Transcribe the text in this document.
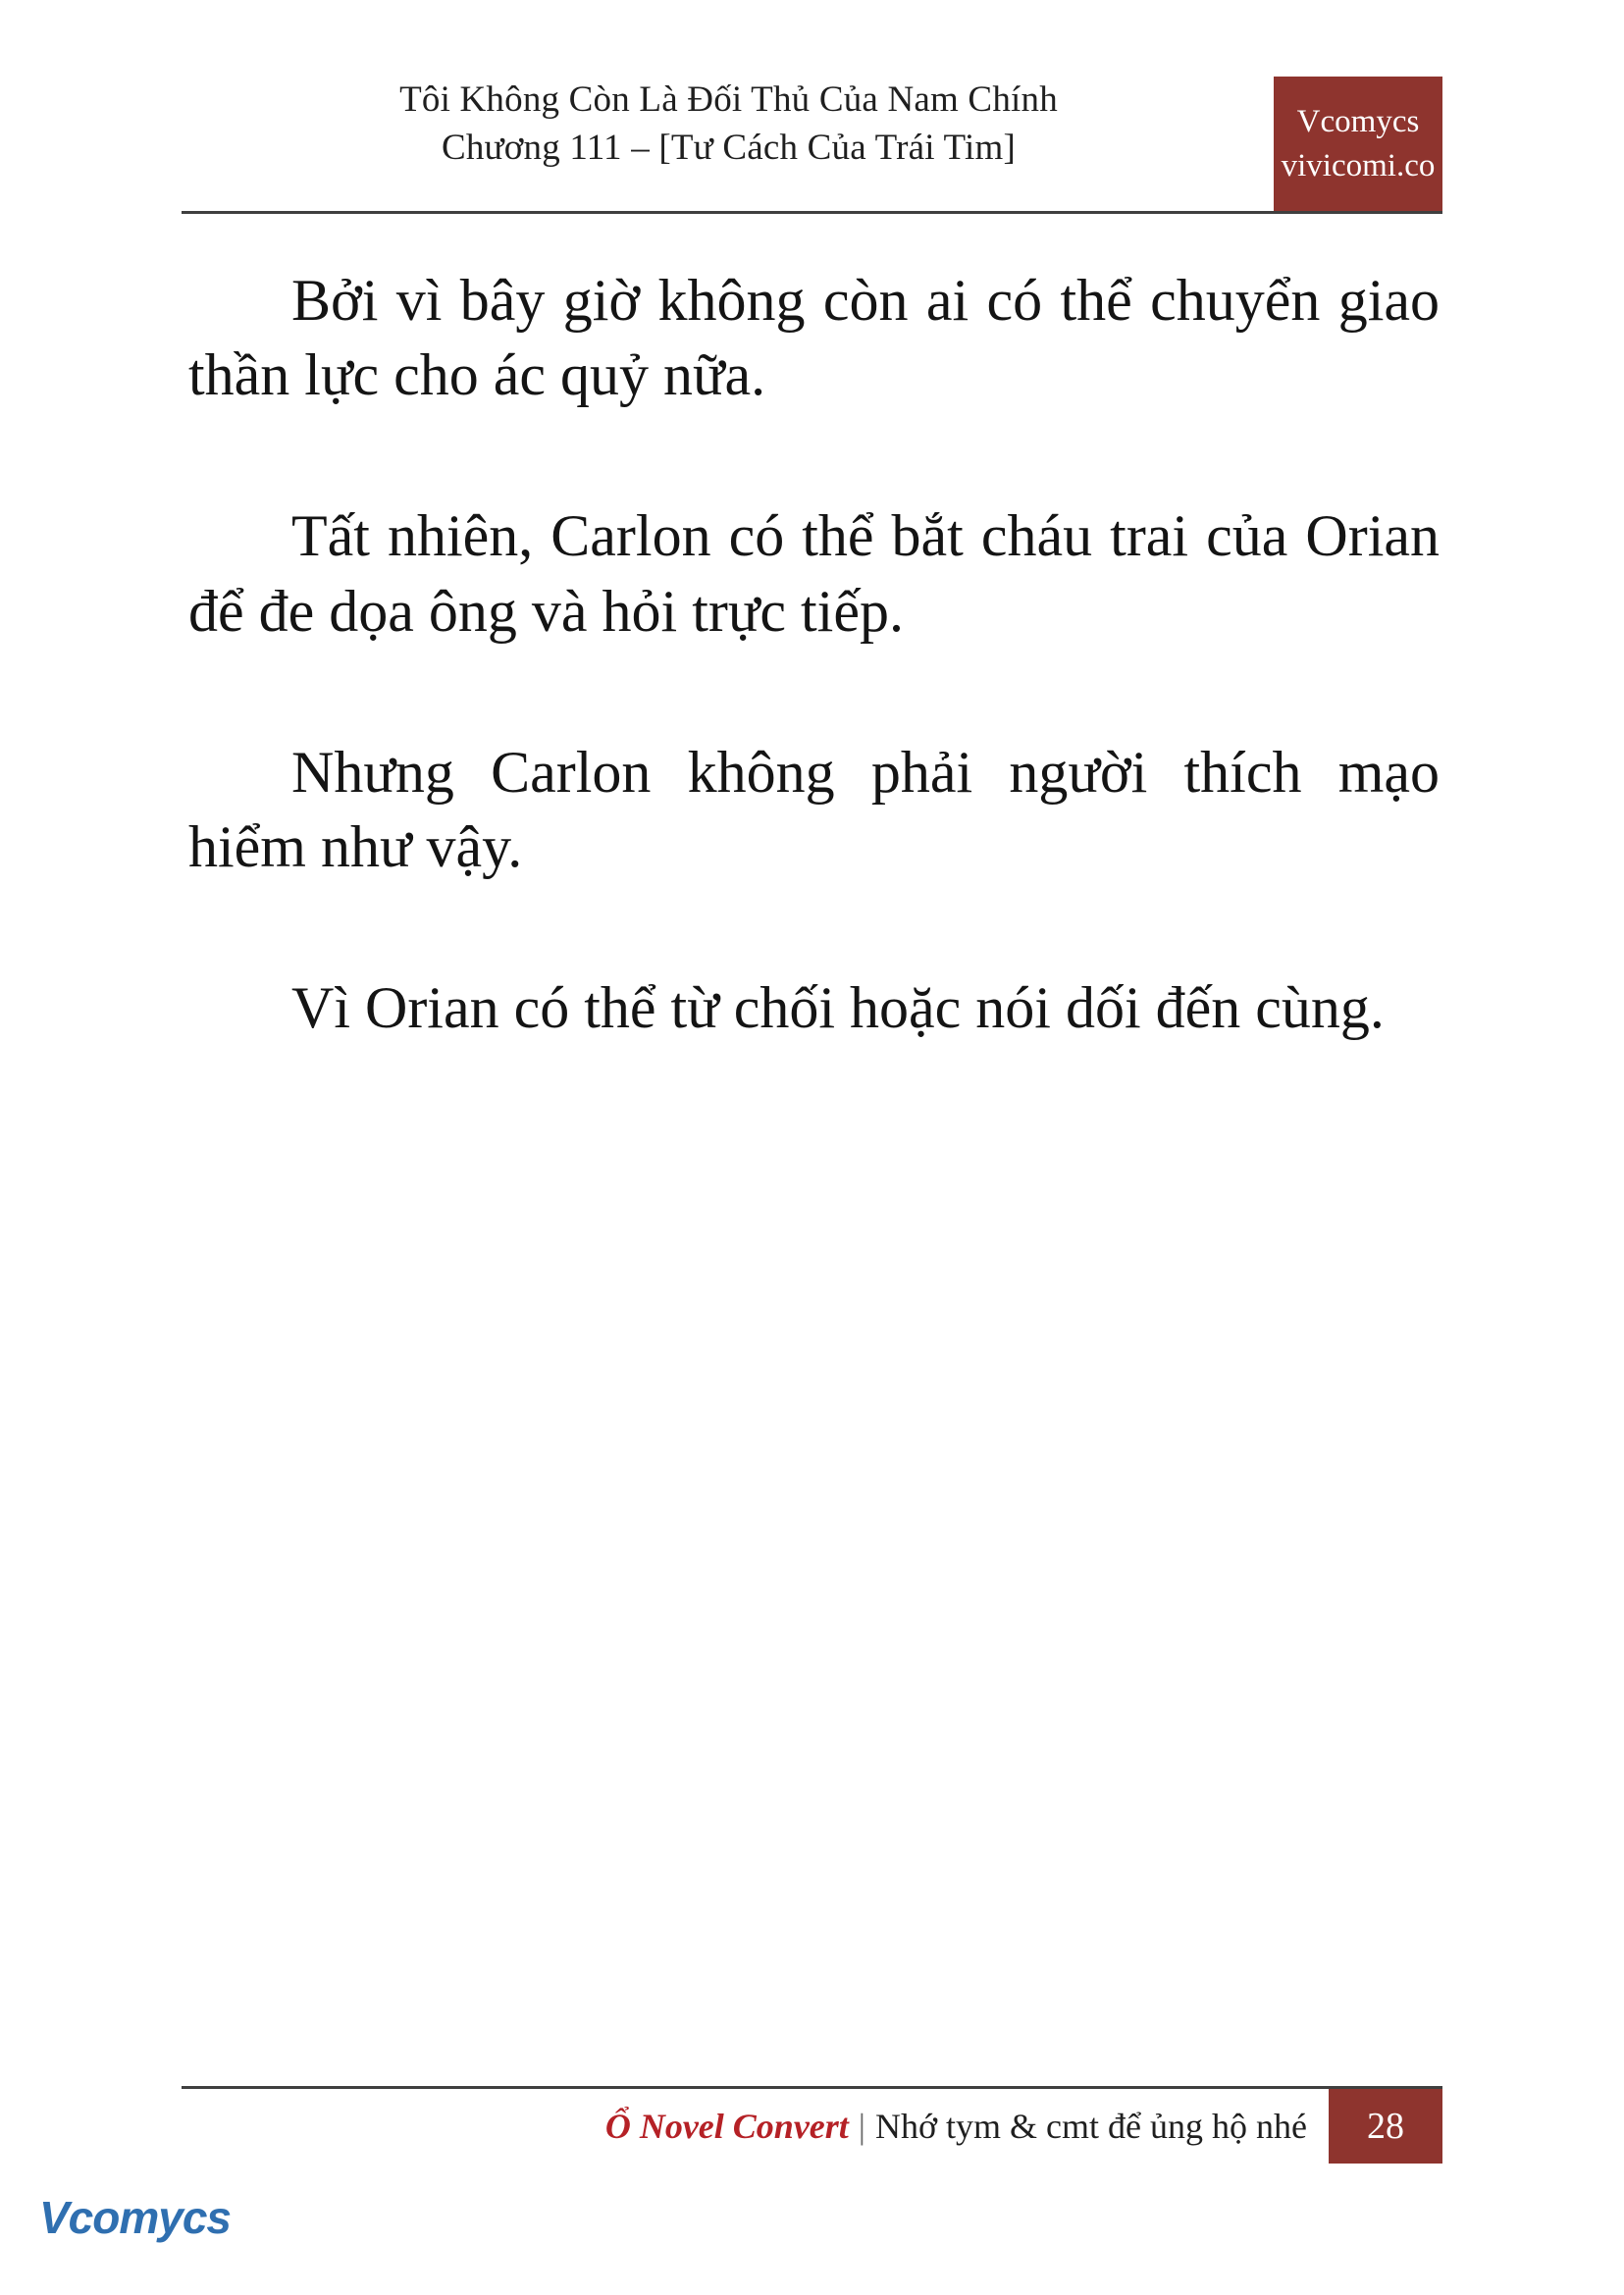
Tôi Không Còn Là Đối Thủ Của Nam Chính
Chương 111 – [Tư Cách Của Trái Tim]
Vcomycs
vivicomi.co

Bởi vì bây giờ không còn ai có thể chuyển giao thần lực cho ác quỷ nữa.

Tất nhiên, Carlon có thể bắt cháu trai của Orian để đe dọa ông và hỏi trực tiếp.

Nhưng Carlon không phải người thích mạo hiểm như vậy.

Vì Orian có thể từ chối hoặc nói dối đến cùng.

Ổ Novel Convert | Nhớ tym & cmt để ủng hộ nhé	28
Vcomycs
